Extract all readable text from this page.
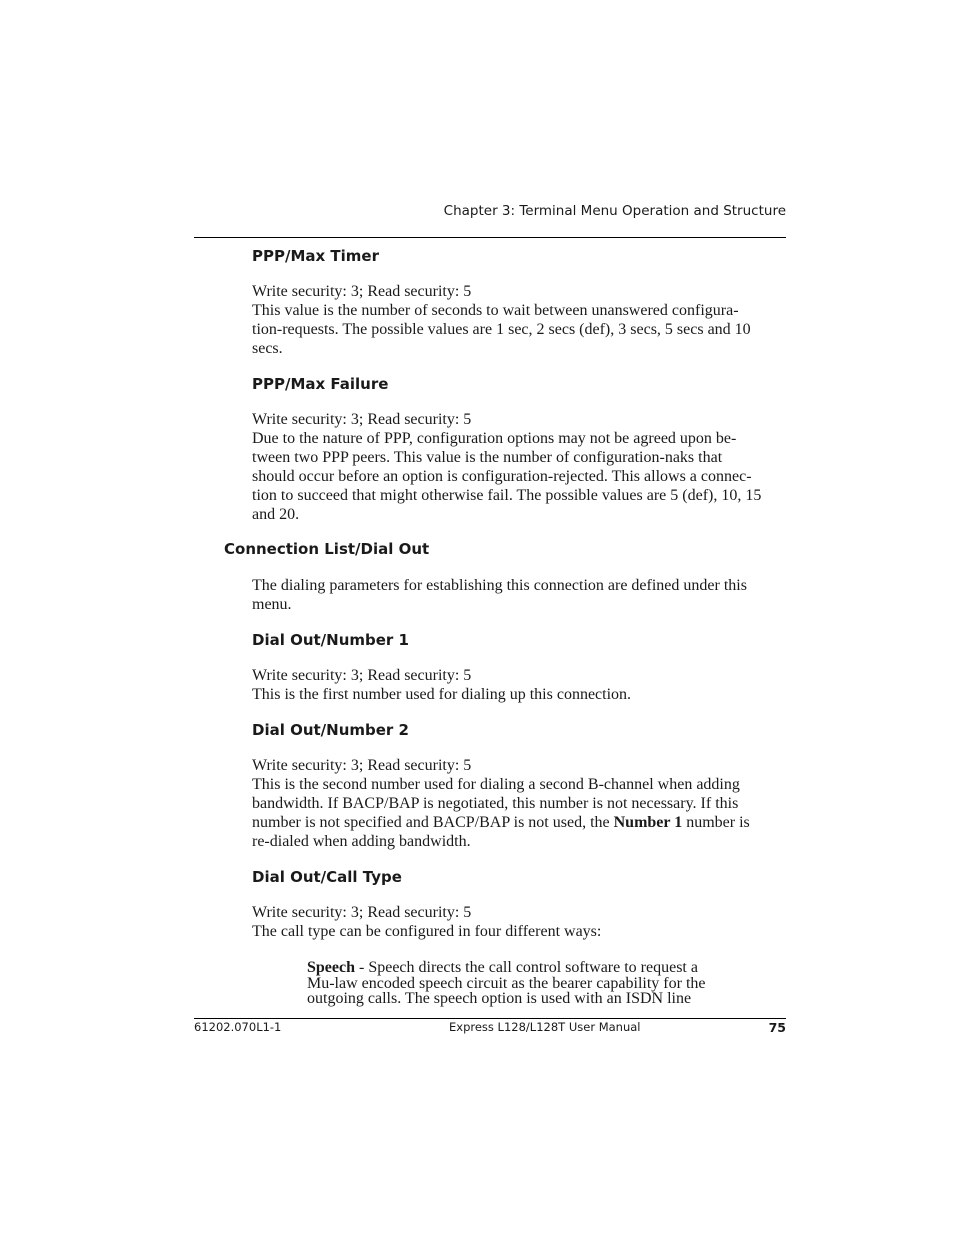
Chapter 3: Terminal Menu Operation and Structure
PPP/Max Timer
Write security: 3; Read security: 5
This value is the number of seconds to wait between unanswered configura-
tion-requests. The possible values are 1 sec, 2 secs (def), 3 secs, 5 secs and 10
secs.
PPP/Max Failure
Write security: 3; Read security: 5
Due to the nature of PPP, configuration options may not be agreed upon be-
tween two PPP peers. This value is the number of configuration-naks that
should occur before an option is configuration-rejected. This allows a connec-
tion to succeed that might otherwise fail. The possible values are 5 (def), 10, 15
and 20.
Connection List/Dial Out
The dialing parameters for establishing this connection are defined under this
menu.
Dial Out/Number 1
Write security: 3; Read security: 5
This is the first number used for dialing up this connection.
Dial Out/Number 2
Write security: 3; Read security: 5
This is the second number used for dialing a second B-channel when adding
bandwidth. If BACP/BAP is negotiated, this number is not necessary. If this
number is not specified and BACP/BAP is not used, the Number 1 number is
re-dialed when adding bandwidth.
Dial Out/Call Type
Write security: 3; Read security: 5
The call type can be configured in four different ways:
Speech - Speech directs the call control software to request a
Mu-law encoded speech circuit as the bearer capability for the
outgoing calls. The speech option is used with an ISDN line
61202.070L1-1	Express L128/L128T User Manual	75
